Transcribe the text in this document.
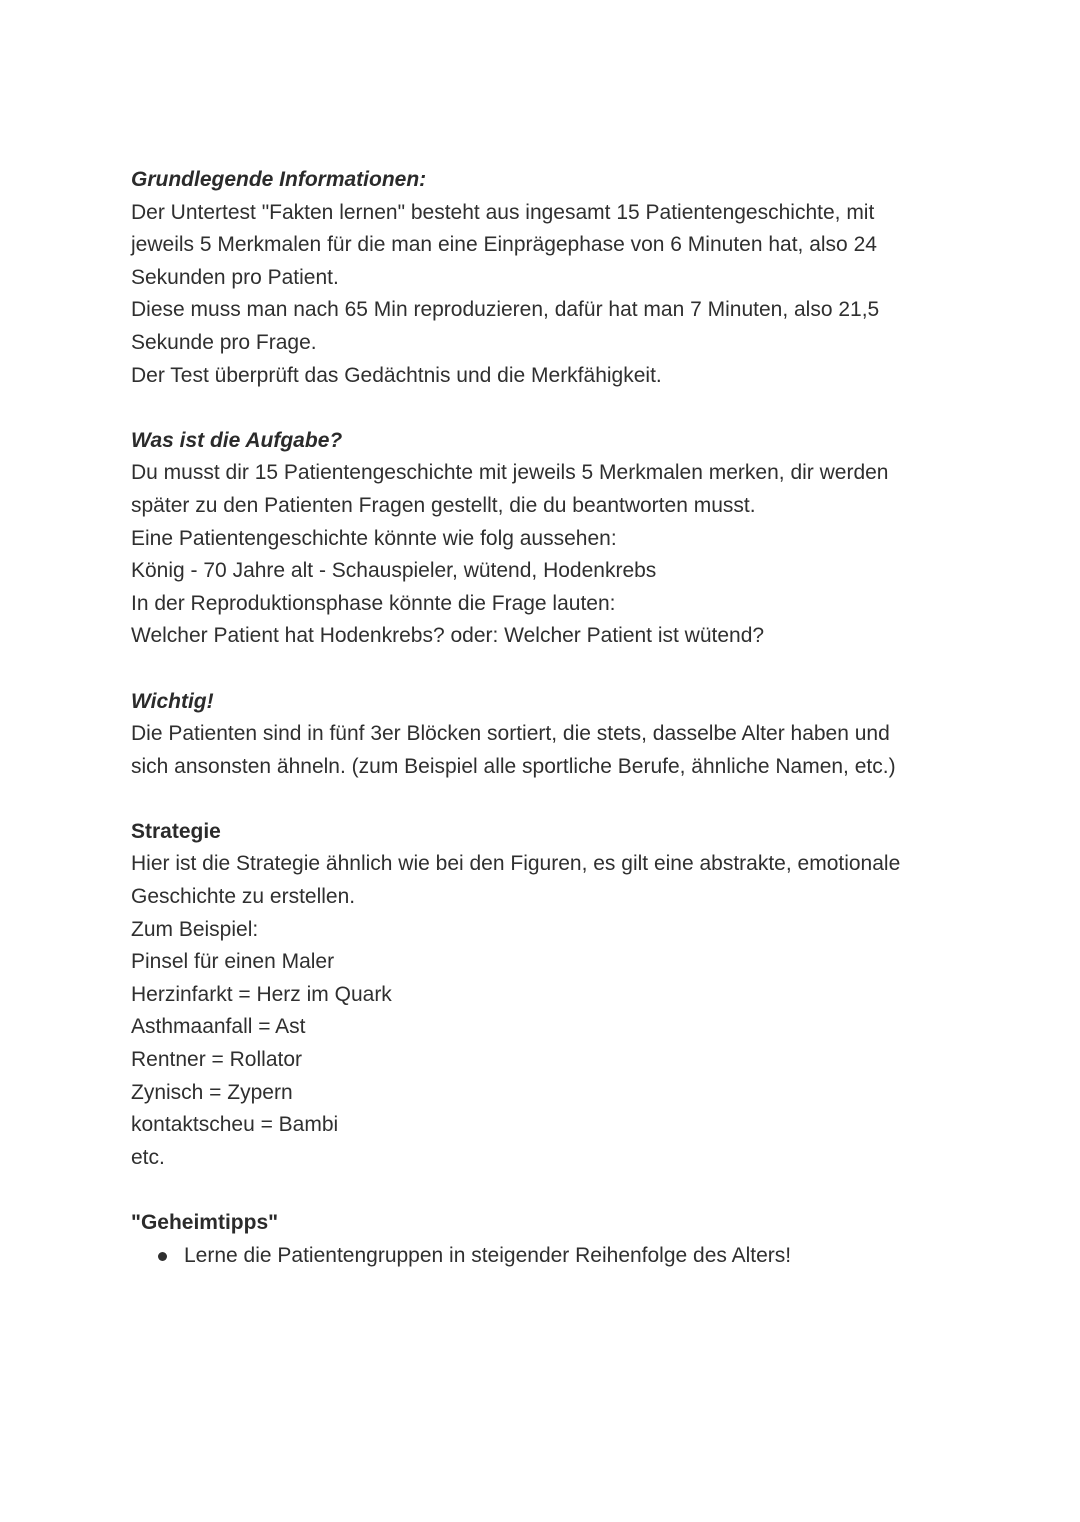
Grundlegende Informationen:
Der Untertest "Fakten lernen" besteht aus ingesamt 15 Patientengeschichte, mit
jeweils 5 Merkmalen für die man eine Einprägephase von 6 Minuten hat, also 24
Sekunden pro Patient.
Diese muss man nach 65 Min reproduzieren, dafür hat man 7 Minuten, also 21,5
Sekunde pro Frage.
Der Test überprüft das Gedächtnis und die Merkfähigkeit.
Was ist die Aufgabe?
Du musst dir 15 Patientengeschichte mit jeweils 5 Merkmalen merken, dir werden
später zu den Patienten Fragen gestellt, die du beantworten musst.
Eine Patientengeschichte könnte wie folg aussehen:
König - 70 Jahre alt - Schauspieler, wütend, Hodenkrebs
In der Reproduktionsphase könnte die Frage lauten:
Welcher Patient hat Hodenkrebs? oder: Welcher Patient ist wütend?
Wichtig!
Die Patienten sind in fünf 3er Blöcken sortiert, die stets, dasselbe Alter haben und
sich ansonsten ähneln. (zum Beispiel alle sportliche Berufe, ähnliche Namen, etc.)
Strategie
Hier ist die Strategie ähnlich wie bei den Figuren, es gilt eine abstrakte, emotionale
Geschichte zu erstellen.
Zum Beispiel:
Pinsel für einen Maler
Herzinfarkt = Herz im Quark
Asthmaanfall = Ast
Rentner = Rollator
Zynisch = Zypern
kontaktscheu = Bambi
etc.
"Geheimtipps"
Lerne die Patientengruppen in steigender Reihenfolge des Alters!
